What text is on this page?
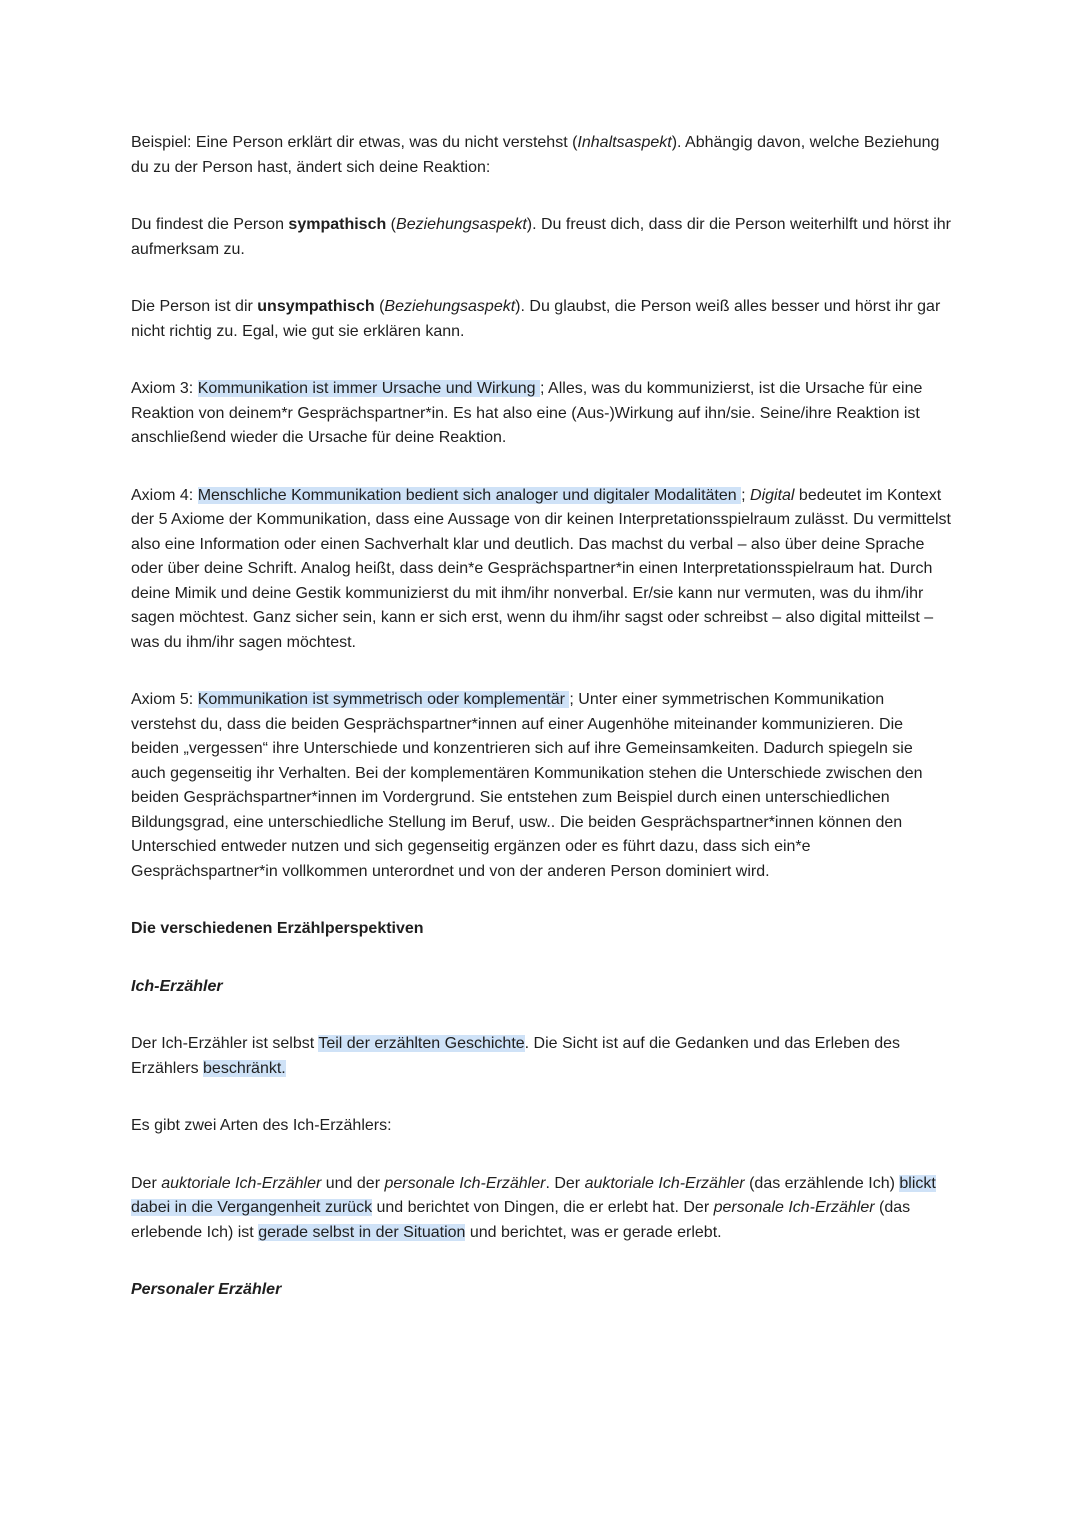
Beispiel: Eine Person erklärt dir etwas, was du nicht verstehst (Inhaltsaspekt). Abhängig davon, welche Beziehung du zu der Person hast, ändert sich deine Reaktion:

Du findest die Person sympathisch (Beziehungsaspekt). Du freust dich, dass dir die Person weiterhilft und hörst ihr aufmerksam zu.

Die Person ist dir unsympathisch (Beziehungsaspekt). Du glaubst, die Person weiß alles besser und hörst ihr gar nicht richtig zu. Egal, wie gut sie erklären kann.

Axiom 3: Kommunikation ist immer Ursache und Wirkung ; Alles, was du kommunizierst, ist die Ursache für eine Reaktion von deinem*r Gesprächspartner*in. Es hat also eine (Aus-)Wirkung auf ihn/sie. Seine/ihre Reaktion ist anschließend wieder die Ursache für deine Reaktion.

Axiom 4: Menschliche Kommunikation bedient sich analoger und digitaler Modalitäten ; Digital bedeutet im Kontext der 5 Axiome der Kommunikation, dass eine Aussage von dir keinen Interpretationsspielraum zulässt. Du vermittelst also eine Information oder einen Sachverhalt klar und deutlich. Das machst du verbal – also über deine Sprache oder über deine Schrift. Analog heißt, dass dein*e Gesprächspartner*in einen Interpretationsspielraum hat. Durch deine Mimik und deine Gestik kommunizierst du mit ihm/ihr nonverbal. Er/sie kann nur vermuten, was du ihm/ihr sagen möchtest. Ganz sicher sein, kann er sich erst, wenn du ihm/ihr sagst oder schreibst – also digital mitteilst – was du ihm/ihr sagen möchtest.

Axiom 5: Kommunikation ist symmetrisch oder komplementär ; Unter einer symmetrischen Kommunikation verstehst du, dass die beiden Gesprächspartner*innen auf einer Augenhöhe miteinander kommunizieren. Die beiden „vergessen“ ihre Unterschiede und konzentrieren sich auf ihre Gemeinsamkeiten. Dadurch spiegeln sie auch gegenseitig ihr Verhalten. Bei der komplementären Kommunikation stehen die Unterschiede zwischen den beiden Gesprächspartner*innen im Vordergrund. Sie entstehen zum Beispiel durch einen unterschiedlichen Bildungsgrad, eine unterschiedliche Stellung im Beruf, usw.. Die beiden Gesprächspartner*innen können den Unterschied entweder nutzen und sich gegenseitig ergänzen oder es führt dazu, dass sich ein*e Gesprächspartner*in vollkommen unterordnet und von der anderen Person dominiert wird.

Die verschiedenen Erzählperspektiven

Ich-Erzähler

Der Ich-Erzähler ist selbst Teil der erzählten Geschichte. Die Sicht ist auf die Gedanken und das Erleben des Erzählers beschränkt.

Es gibt zwei Arten des Ich-Erzählers:

Der auktoriale Ich-Erzähler und der personale Ich-Erzähler. Der auktoriale Ich-Erzähler (das erzählende Ich) blickt dabei in die Vergangenheit zurück und berichtet von Dingen, die er erlebt hat. Der personale Ich-Erzähler (das erlebende Ich) ist gerade selbst in der Situation und berichtet, was er gerade erlebt.

Personaler Erzähler
